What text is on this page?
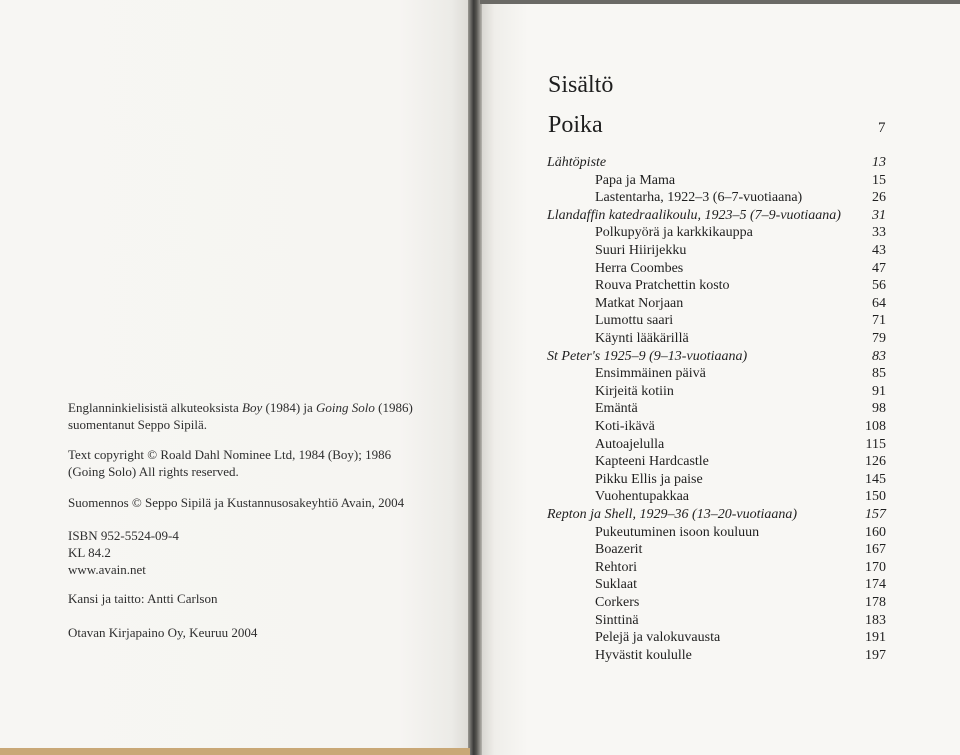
Englanninkielisistä alkuteoksista Boy (1984) ja Going Solo (1986)

suomentanut Seppo Sipilä.

Text copyright © Roald Dahl Nominee Ltd, 1984 (Boy); 1986

(Going Solo) All rights reserved.

Suomennos © Seppo Sipilä ja Kustannusosakeyhtiö Avain, 2004

ISBN 952-5524-09-4

KL 84.2

www.avain.net

Kansi ja taitto: Antti Carlson

Otavan Kirjapaino Oy, Keuruu 2004

Sisältö
Poika	7
Lähtöpiste	13
Papa ja Mama	15
Lastentarha, 1922–3 (6–7-vuotiaana)	26
Llandaffin katedraalikoulu, 1923–5 (7–9-vuotiaana) 31
Polkupyörä ja karkkikauppa	33
Suuri Hiirijekku	43
Herra Coombes	47
Rouva Pratchettin kosto	56
Matkat Norjaan	64
Lumottu saari	71
Käynti lääkärillä	79
St Peter's 1925–9 (9–13-vuotiaana)	83
Ensimmäinen päivä	85
Kirjeitä kotiin	91
Emäntä	98
Koti-ikävä	108
Autoajelulla	115
Kapteeni Hardcastle	126
Pikku Ellis ja paise	145
Vuohentupakkaa	150
Repton ja Shell, 1929–36 (13–20-vuotiaana)	157
Pukeutuminen isoon kouluun	160
Boazerit	167
Rehtori	170
Suklaat	174
Corkers	178
Sinttinä	183
Pelejä ja valokuvausta	191
Hyvästit koululle	197
